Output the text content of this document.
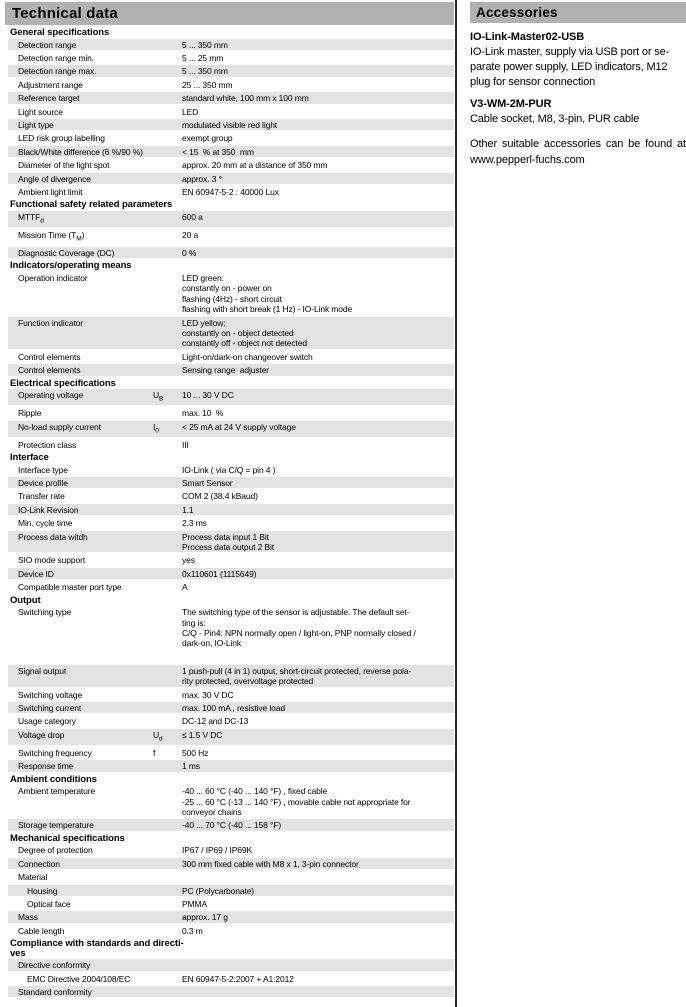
Technical data
General specifications
Detection range	5 ... 350 mm
Detection range min.	5 ... 25 mm
Detection range max.	5 ... 350 mm
Adjustment range	25 ... 350 mm
Reference target	standard white, 100 mm x 100 mm
Light source	LED
Light type	modulated visible red light
LED risk group labelling	exempt group
Black/White difference (6 %/90 %)	< 15  % at 350  mm
Diameter of the light spot	approx. 20 mm at a distance of 350 mm
Angle of divergence	approx. 3 °
Ambient light limit	EN 60947-5-2 : 40000 Lux
Functional safety related parameters
$MTTF_d$	600 a
Mission Time $(T_M)$	20 a
Diagnostic Coverage (DC)	0 %
Indicators/operating means
Operation indicator	LED green:
constantly on - power on
flashing (4Hz) - short circuit
flashing with short break (1 Hz) - IO-Link mode
Function indicator	LED yellow:
constantly on - object detected
constantly off - object not detected
Control elements	Light-on/dark-on changeover switch
Control elements	Sensing range  adjuster
Electrical specifications
Operating voltage	$U_B$	10 ... 30 V DC
Ripple	max. 10  %
No-load supply current	$I_0$	< 25 mA at 24 V supply voltage
Protection class	III
Interface
Interface type	IO-Link ( via C/Q = pin 4 )
Device profile	Smart Sensor
Transfer rate	COM 2 (38.4 kBaud)
IO-Link Revision	1.1
Min. cycle time	2.3 ms
Process data witdh	Process data input 1 Bit
Process data output 2 Bit
SIO mode support	yes
Device ID	0x110601 (1115649)
Compatible master port type	A
Output
Switching type	The switching type of the sensor is adjustable. The default set-
ting is:
C/Q - Pin4: NPN normally open / light-on, PNP normally closed /
dark-on, IO-Link
Signal output	1 push-pull (4 in 1) output, short-circuit protected, reverse pola-
rity protected, overvoltage protected
Switching voltage	max. 30 V DC
Switching current	max. 100 mA , resistive load
Usage category	DC-12 and DC-13
Voltage drop	$U_d$	≤ 1.5 V DC
Switching frequency	f	500 Hz
Response time	1 ms
Ambient conditions
Ambient temperature	-40 ... 60 °C (-40 ... 140 °F) , fixed cable
-25 ... 60 °C (-13 ... 140 °F) , movable cable not appropriate for
conveyor chains
Storage temperature	-40 ... 70 °C (-40 ... 158 °F)
Mechanical specifications
Degree of protection	IP67 / IP69 / IP69K
Connection	300 mm fixed cable with M8 x 1, 3-pin connector
Material
Housing	PC (Polycarbonate)
Optical face	PMMA
Mass	approx. 17 g
Cable length	0.3 m
Compliance with standards and directi-
ves
Directive conformity
EMC Directive 2004/108/EC	EN 60947-5-2:2007 + A1:2012
Standard conformity
Accessories
IO-Link-Master02-USB
IO-Link master, supply via USB port or se-
parate power supply, LED indicators, M12
plug for sensor connection
V3-WM-2M-PUR
Cable socket, M8, 3-pin, PUR cable

Other suitable accessories can be found at www.pepperl-fuchs.com
